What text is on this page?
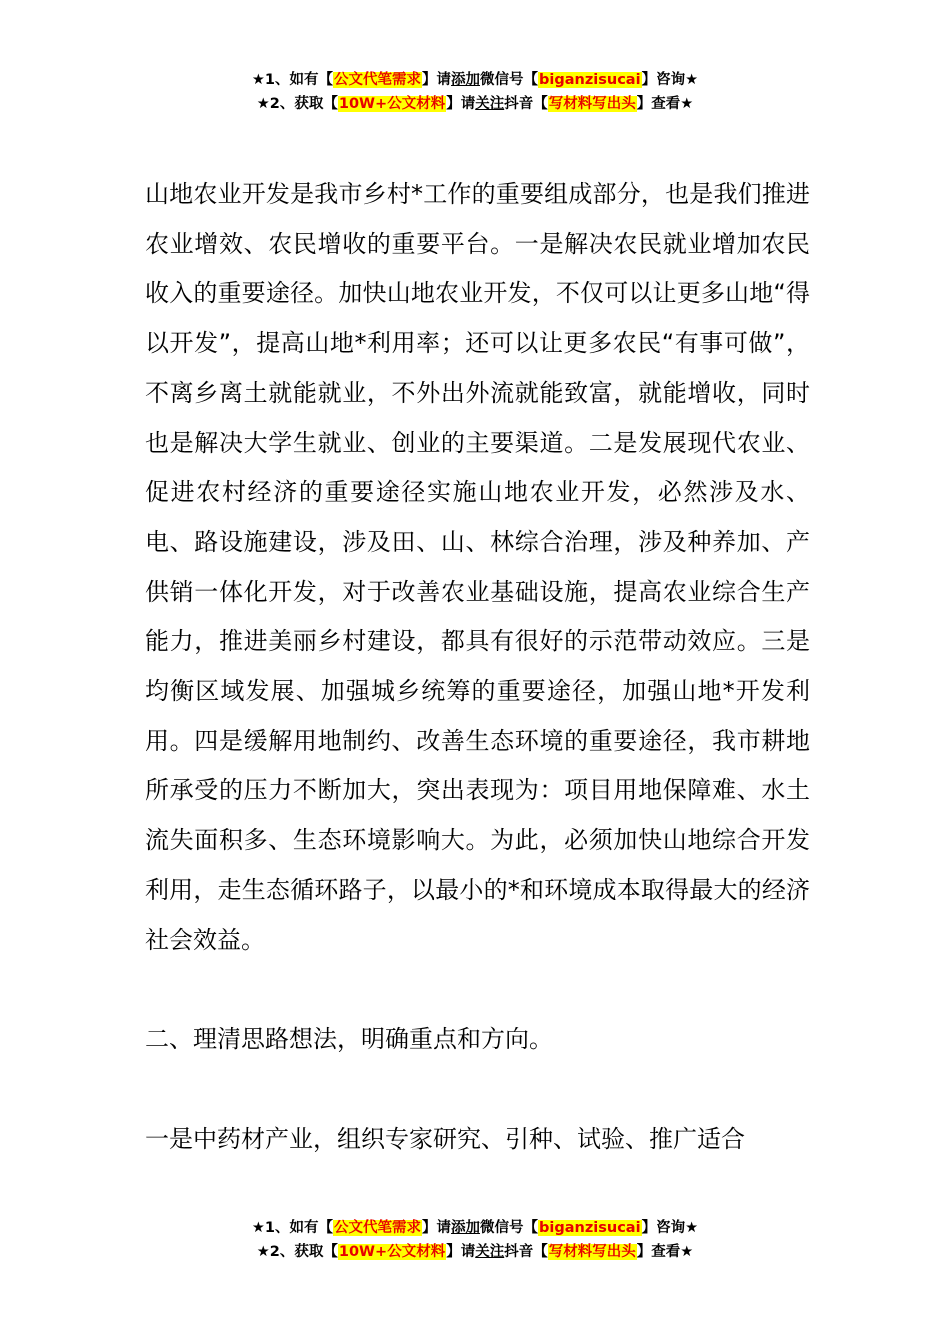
★1、如有【公文代笔需求】请添加微信号【biganzisucai】咨询★
★2、获取【10W+公文材料】请关注抖音【写材料写出头】查看★

山地农业开发是我市乡村*工作的重要组成部分，也是我们推进农业增效、农民增收的重要平台。一是解决农民就业增加农民收入的重要途径。加快山地农业开发，不仅可以让更多山地“得以开发”，提高山地*利用率；还可以让更多农民“有事可做”，不离乡离土就能就业，不外出外流就能致富，就能增收，同时也是解决大学生就业、创业的主要渠道。二是发展现代农业、促进农村经济的重要途径实施山地农业开发，必然涉及水、电、路设施建设，涉及田、山、林综合治理，涉及种养加、产供销一体化开发，对于改善农业基础设施，提高农业综合生产能力，推进美丽乡村建设，都具有很好的示范带动效应。三是均衡区域发展、加强城乡统筹的重要途径，加强山地*开发利用。四是缓解用地制约、改善生态环境的重要途径，我市耕地所承受的压力不断加大，突出表现为：项目用地保障难、水土流失面积多、生态环境影响大。为此，必须加快山地综合开发利用，走生态循环路子，以最小的*和环境成本取得最大的经济社会效益。

二、理清思路想法，明确重点和方向。

一是中药材产业，组织专家研究、引种、试验、推广适合

★1、如有【公文代笔需求】请添加微信号【biganzisucai】咨询★
★2、获取【10W+公文材料】请关注抖音【写材料写出头】查看★
